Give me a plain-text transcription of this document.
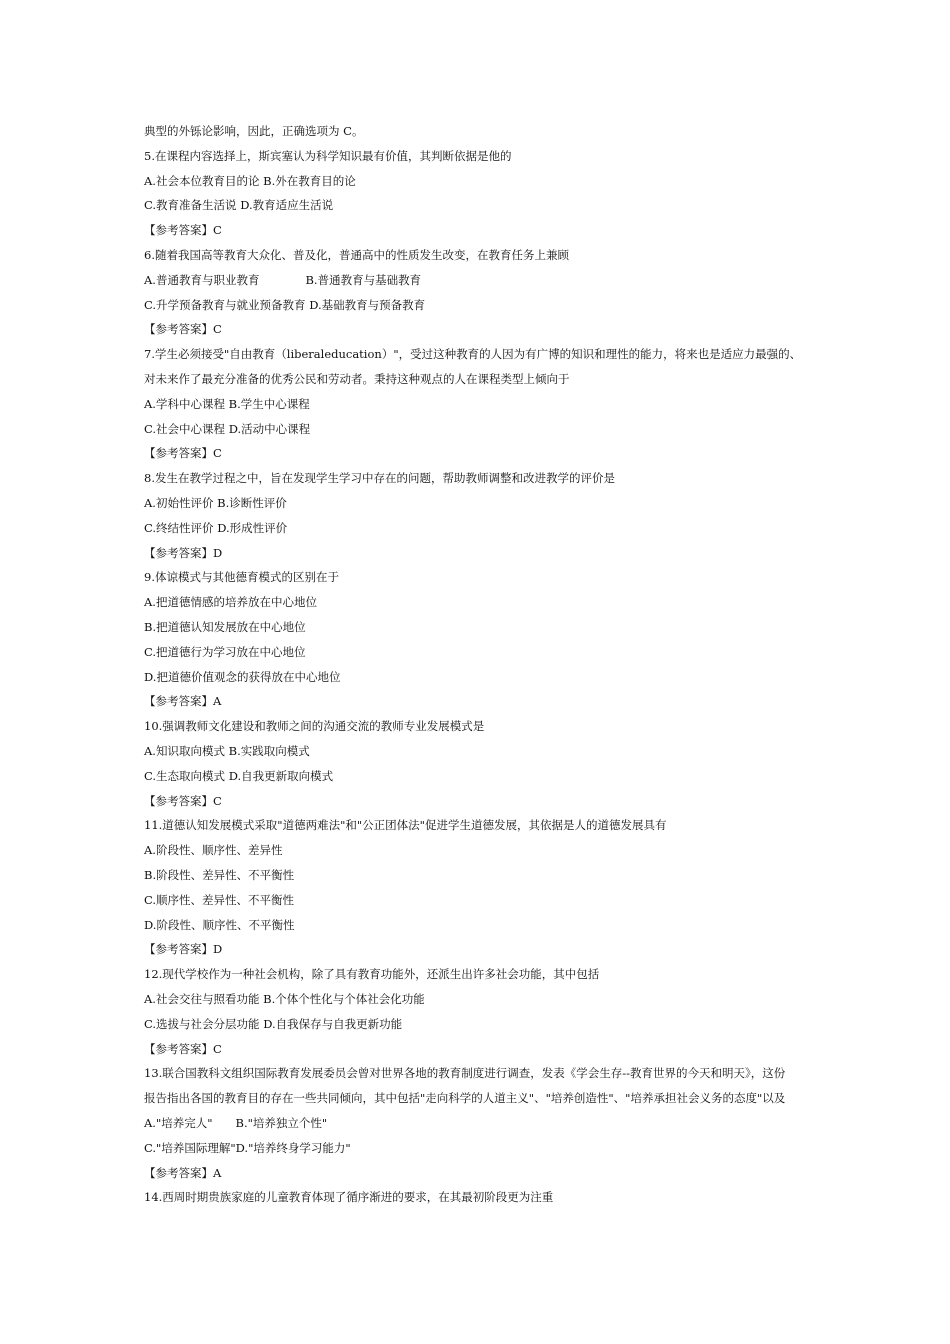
典型的外铄论影响，因此，正确选项为 C。
5.在课程内容选择上，斯宾塞认为科学知识最有价值，其判断依据是他的
A.社会本位教育目的论 B.外在教育目的论
C.教育准备生活说 D.教育适应生活说
【参考答案】C
6.随着我国高等教育大众化、普及化，普通高中的性质发生改变，在教育任务上兼顾
A.普通教育与职业教育　　　　B.普通教育与基础教育
C.升学预备教育与就业预备教育 D.基础教育与预备教育
【参考答案】C
7.学生必须接受"自由教育（liberaleducation）"，受过这种教育的人因为有广博的知识和理性的能力，将来也是适应力最强的、
对未来作了最充分准备的优秀公民和劳动者。秉持这种观点的人在课程类型上倾向于
A.学科中心课程 B.学生中心课程
C.社会中心课程 D.活动中心课程
【参考答案】C
8.发生在教学过程之中，旨在发现学生学习中存在的问题，帮助教师调整和改进教学的评价是
A.初始性评价 B.诊断性评价
C.终结性评价 D.形成性评价
【参考答案】D
9.体谅模式与其他德育模式的区别在于
A.把道德情感的培养放在中心地位
B.把道德认知发展放在中心地位
C.把道德行为学习放在中心地位
D.把道德价值观念的获得放在中心地位
【参考答案】A
10.强调教师文化建设和教师之间的沟通交流的教师专业发展模式是
A.知识取向模式 B.实践取向模式
C.生态取向模式 D.自我更新取向模式
【参考答案】C
11.道德认知发展模式采取"道德两难法"和"公正团体法"促进学生道德发展，其依据是人的道德发展具有
A.阶段性、顺序性、差异性
B.阶段性、差异性、不平衡性
C.顺序性、差异性、不平衡性
D.阶段性、顺序性、不平衡性
【参考答案】D
12.现代学校作为一种社会机构，除了具有教育功能外，还派生出许多社会功能，其中包括
A.社会交往与照看功能 B.个体个性化与个体社会化功能
C.选拔与社会分层功能 D.自我保存与自我更新功能
【参考答案】C
13.联合国教科文组织国际教育发展委员会曾对世界各地的教育制度进行调查，发表《学会生存--教育世界的今天和明天》，这份
报告指出各国的教育目的存在一些共同倾向，其中包括"走向科学的人道主义"、"培养创造性"、"培养承担社会义务的态度"以及
A."培养完人"　　B."培养独立个性"
C."培养国际理解"D."培养终身学习能力"
【参考答案】A
14.西周时期贵族家庭的儿童教育体现了循序渐进的要求，在其最初阶段更为注重
